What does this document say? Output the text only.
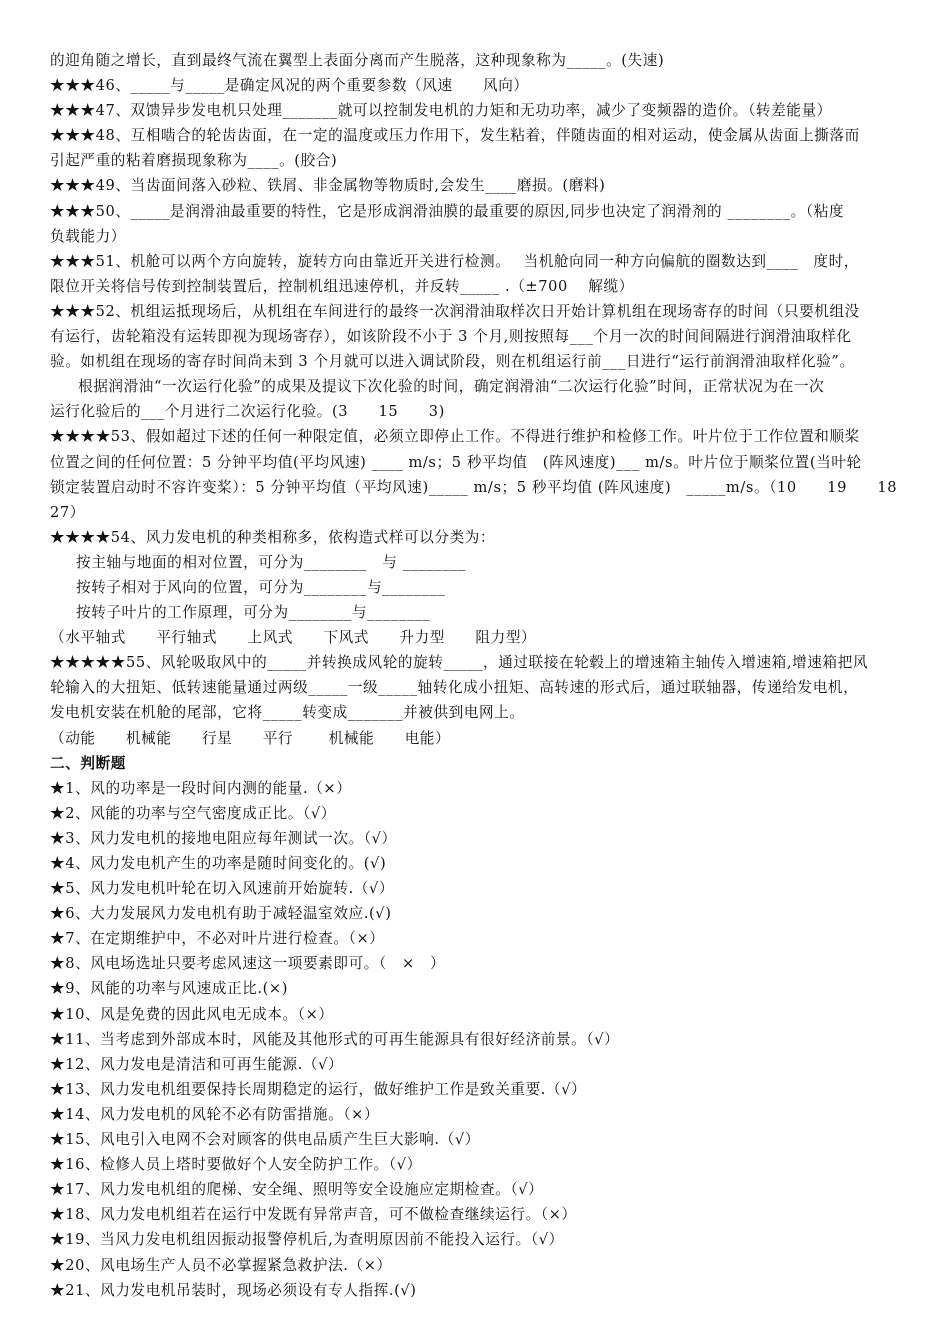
的迎角随之增长，直到最终气流在翼型上表面分离而产生脱落，这种现象称为_____。(失速)
★★★46、_____与_____是确定风况的两个重要参数（风速　　风向）
★★★47、双馈异步发电机只处理_______就可以控制发电机的力矩和无功功率，减少了变频器的造价。（转差能量）
★★★48、互相啮合的轮齿齿面，在一定的温度或压力作用下，发生粘着，伴随齿面的相对运动，使金属从齿面上撕落而
引起严重的粘着磨损现象称为____。(胶合)
★★★49、当齿面间落入砂粒、铁屑、非金属物等物质时,会发生____磨损。(磨料)
★★★50、_____是润滑油最重要的特性，它是形成润滑油膜的最重要的原因,同步也决定了润滑剂的 ________。（粘度
负载能力）
★★★51、机舱可以两个方向旋转，旋转方向由靠近开关进行检测。　 当机舱向同一种方向偏航的圈数达到____　度时，
限位开关将信号传到控制装置后，控制机组迅速停机，并反转_____ .（±700　 解缆）
★★★52、机组运抵现场后，从机组在车间进行的最终一次润滑油取样次日开始计算机组在现场寄存的时间（只要机组没
有运行，齿轮箱没有运转即视为现场寄存），如该阶段不小于 3 个月,则按照每___个月一次的时间间隔进行润滑油取样化
验。如机组在现场的寄存时间尚未到 3 个月就可以进入调试阶段，则在机组运行前___日进行“运行前润滑油取样化验”。
根据润滑油“一次运行化验”的成果及提议下次化验的时间，确定润滑油“二次运行化验”时间，正常状况为在一次
运行化验后的___个月进行二次运行化验。(3　　15　　3)
★★★★53、假如超过下述的任何一种限定值，必须立即停止工作。不得进行维护和检修工作。叶片位于工作位置和顺桨
位置之间的任何位置：5 分钟平均值(平均风速) ____ m/s；5 秒平均值　(阵风速度)___ m/s。叶片位于顺桨位置(当叶轮
锁定装置启动时不容许变桨）：5 分钟平均值（平均风速)_____ m/s；5 秒平均值 (阵风速度)　_____m/s。（10　　19　　18
27）
★★★★54、风力发电机的种类相称多，依构造式样可以分类为：
按主轴与地面的相对位置，可分为________　与 ________
按转子相对于风向的位置，可分为________与________
按转子叶片的工作原理，可分为________与________
（水平轴式　　平行轴式　　上风式　　下风式　　升力型　　阻力型）
★★★★★55、风轮吸取风中的_____并转换成风轮的旋转_____，通过联接在轮毂上的增速箱主轴传入增速箱,增速箱把风
轮输入的大扭矩、低转速能量通过两级_____一级_____轴转化成小扭矩、高转速的形式后，通过联轴器，传递给发电机，
发电机安装在机舱的尾部，它将_____转变成_______并被供到电网上。
（动能　　机械能　　行星　　平行　　 机械能　　电能）
二、判断题
★1、风的功率是一段时间内测的能量.（×）
★2、风能的功率与空气密度成正比。（√）
★3、风力发电机的接地电阻应每年测试一次。（√）
★4、风力发电机产生的功率是随时间变化的。(√)
★5、风力发电机叶轮在切入风速前开始旋转.（√）
★6、大力发展风力发电机有助于减轻温室效应.(√)
★7、在定期维护中，不必对叶片进行检查。（×）
★8、风电场选址只要考虑风速这一项要素即可。（　×　）
★9、风能的功率与风速成正比.(×)
★10、风是免费的因此风电无成本。（×）
★11、当考虑到外部成本时，风能及其他形式的可再生能源具有很好经济前景。（√）
★12、风力发电是清洁和可再生能源.（√）
★13、风力发电机组要保持长周期稳定的运行，做好维护工作是致关重要.（√）
★14、风力发电机的风轮不必有防雷措施。（×）
★15、风电引入电网不会对顾客的供电品质产生巨大影响.（√）
★16、检修人员上塔时要做好个人安全防护工作。（√）
★17、风力发电机组的爬梯、安全绳、照明等安全设施应定期检查。（√）
★18、风力发电机组若在运行中发既有异常声音，可不做检查继续运行。（×）
★19、当风力发电机组因振动报警停机后,为查明原因前不能投入运行。（√）
★20、风电场生产人员不必掌握紧急救护法.（×）
★21、风力发电机吊装时，现场必须设有专人指挥.(√)
